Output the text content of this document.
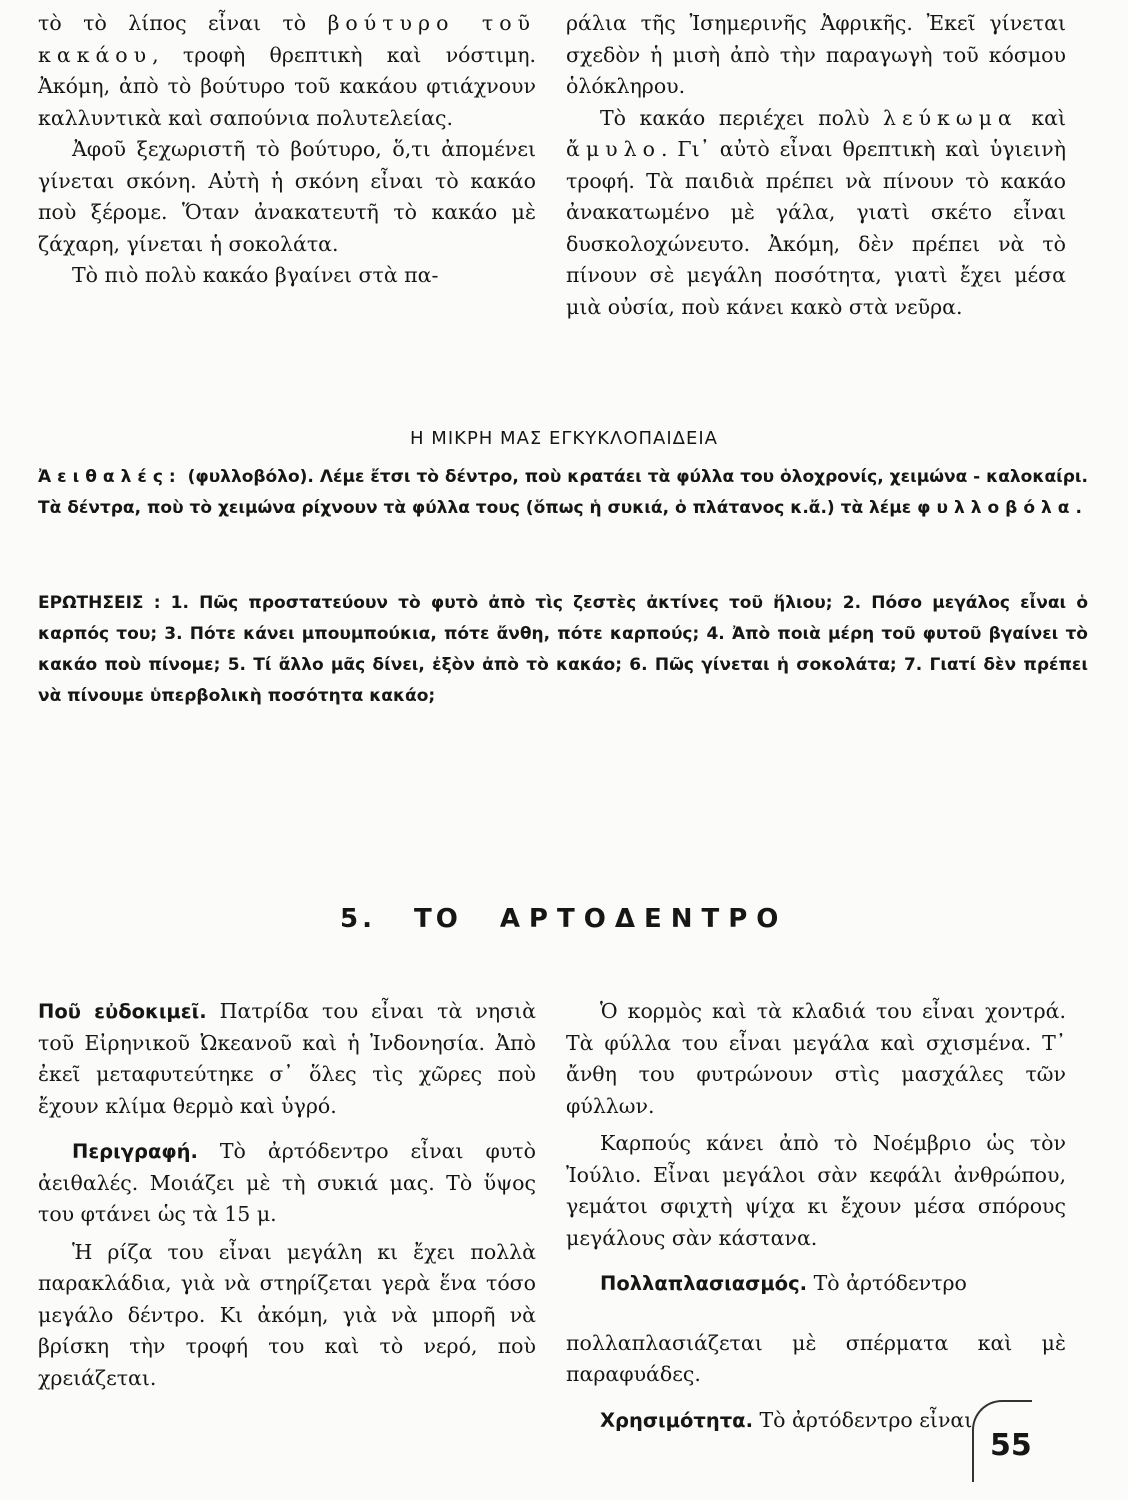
τὸ τὸ λίπος εἶναι τὸ βούτυρο τοῦ κακάου, τροφὴ θρεπτικὴ καὶ νόστιμη. Ἀκόμη, ἀπὸ τὸ βούτυρο τοῦ κακάου φτιάχνουν καλλυντικὰ καὶ σαπούνια πολυτελείας.

Ἀφοῦ ξεχωριστῆ τὸ βούτυρο, ὅ,τι ἀπομένει γίνεται σκόνη. Αὐτὴ ἡ σκόνη εἶναι τὸ κακάο ποὺ ξέρομε. Ὅταν ἀνακατευτῆ τὸ κακάο μὲ ζάχαρη, γίνεται ἡ σοκολάτα.

Τὸ πιὸ πολὺ κακάο βγαίνει στὰ πα-

ράλια τῆς Ἰσημερινῆς Ἀφρικῆς. Ἐκεῖ γίνεται σχεδὸν ἡ μισὴ ἀπὸ τὴν παραγωγὴ τοῦ κόσμου ὁλόκληρου.

Τὸ κακάο περιέχει πολὺ λεύκωμα καὶ ἄμυλο. Γι᾿ αὐτὸ εἶναι θρεπτικὴ καὶ ὑγιεινὴ τροφή. Τὰ παιδιὰ πρέπει νὰ πίνουν τὸ κακάο ἀνακατωμένο μὲ γάλα, γιατὶ σκέτο εἶναι δυσκολοχώνευτο. Ἀκόμη, δὲν πρέπει νὰ τὸ πίνουν σὲ μεγάλη ποσότητα, γιατὶ ἔχει μέσα μιὰ οὐσία, ποὺ κάνει κακὸ στὰ νεῦρα.

Η ΜΙΚΡΗ ΜΑΣ ΕΓΚΥΚΛΟΠΑΙΔΕΙΑ
Ἀειθαλές: (φυλλοβόλο). Λέμε ἔτσι τὸ δέντρο, ποὺ κρατάει τὰ φύλλα του ὁλοχρονίς, χειμώνα - καλοκαίρι. Τὰ δέντρα, ποὺ τὸ χειμώνα ρίχνουν τὰ φύλλα τους (ὅπως ἡ συκιά, ὁ πλάτανος κ.ἄ.) τὰ λέμε φυλλοβόλα.
ΕΡΩΤΗΣΕΙΣ : 1. Πῶς προστατεύουν τὸ φυτὸ ἀπὸ τὶς ζεστὲς ἀκτίνες τοῦ ἥλιου; 2. Πόσο μεγάλος εἶναι ὁ καρπός του; 3. Πότε κάνει μπουμπούκια, πότε ἄνθη, πότε καρπούς; 4. Ἀπὸ ποιὰ μέρη τοῦ φυτοῦ βγαίνει τὸ κακάο ποὺ πίνομε; 5. Τί ἄλλο μᾶς δίνει, ἐξὸν ἀπὸ τὸ κακάο; 6. Πῶς γίνεται ἡ σοκολάτα; 7. Γιατί δὲν πρέπει νὰ πίνουμε ὑπερβολικὴ ποσότητα κακάο;
5. ΤΟ ΑΡΤΟΔΕΝΤΡΟ

Ποῦ εὐδοκιμεῖ. Πατρίδα του εἶναι τὰ νησιὰ τοῦ Εἰρηνικοῦ Ὠκεανοῦ καὶ ἡ Ἰνδονησία. Ἀπὸ ἐκεῖ μεταφυτεύτηκε σ᾿ ὅλες τὶς χῶρες ποὺ ἔχουν κλίμα θερμὸ καὶ ὑγρό.

Περιγραφή. Τὸ ἀρτόδεντρο εἶναι φυτὸ ἀειθαλές. Μοιάζει μὲ τὴ συκιά μας. Τὸ ὕψος του φτάνει ὡς τὰ 15 μ.

Ἡ ρίζα του εἶναι μεγάλη κι ἔχει πολλὰ παρακλάδια, γιὰ νὰ στηρίζεται γερὰ ἕνα τόσο μεγάλο δέντρο. Κι ἀκόμη, γιὰ νὰ μπορῆ νὰ βρίσκη τὴν τροφή του καὶ τὸ νερό, ποὺ χρειάζεται.

Ὁ κορμὸς καὶ τὰ κλαδιά του εἶναι χοντρά. Τὰ φύλλα του εἶναι μεγάλα καὶ σχισμένα. Τ᾿ ἄνθη του φυτρώνουν στὶς μασχάλες τῶν φύλλων.

Καρπούς κάνει ἀπὸ τὸ Νοέμβριο ὡς τὸν Ἰούλιο. Εἶναι μεγάλοι σὰν κεφάλι ἀνθρώπου, γεμάτοι σφιχτὴ ψίχα κι ἔχουν μέσα σπόρους μεγάλους σὰν κάστανα.

Πολλαπλασιασμός. Τὸ ἀρτόδεντρο

πολλαπλασιάζεται μὲ σπέρματα καὶ μὲ παραφυάδες.

Χρησιμότητα. Τὸ ἀρτόδεντρο εἶναι

55
